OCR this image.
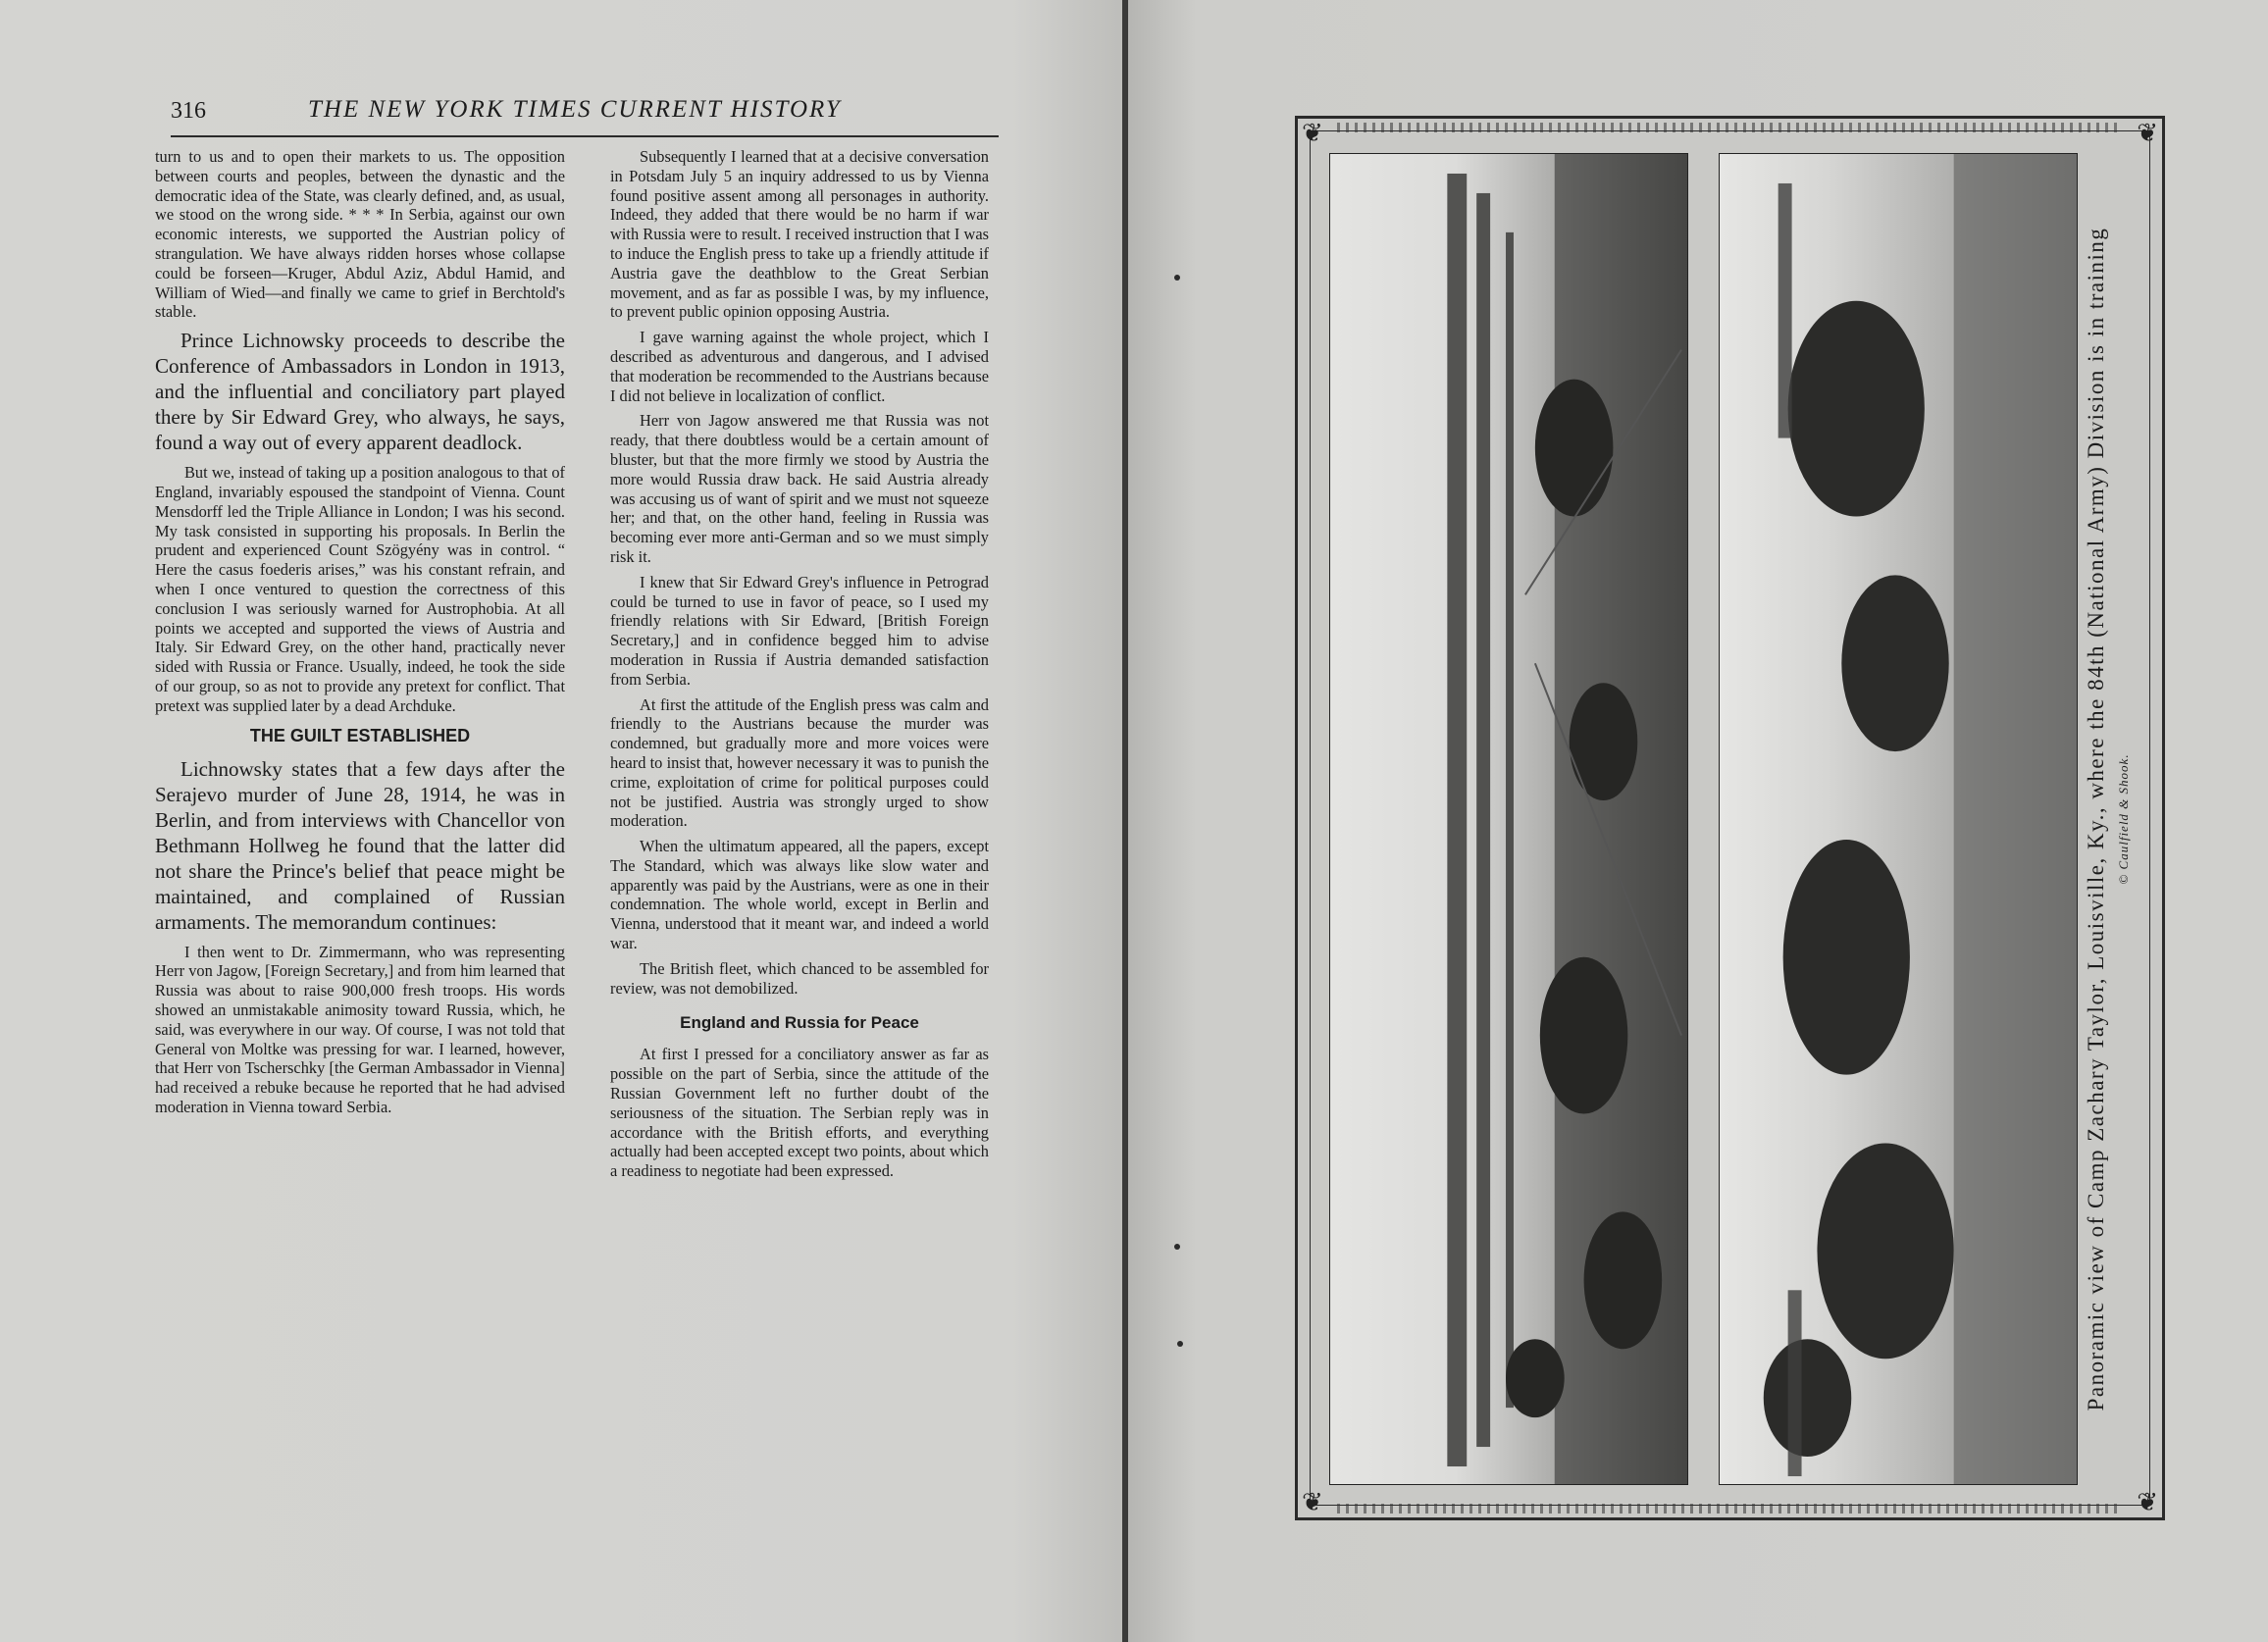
316	THE NEW YORK TIMES CURRENT HISTORY

turn to us and to open their markets to us. The opposition between courts and peoples, between the dynastic and the democratic idea of the State, was clearly defined, and, as usual, we stood on the wrong side. * * * In Serbia, against our own economic interests, we supported the Austrian policy of strangulation. We have always ridden horses whose collapse could be forseen—Kruger, Abdul Aziz, Abdul Hamid, and William of Wied—and finally we came to grief in Berchtold's stable.

Prince Lichnowsky proceeds to describe the Conference of Ambassadors in London in 1913, and the influential and conciliatory part played there by Sir Edward Grey, who always, he says, found a way out of every apparent deadlock.

But we, instead of taking up a position analogous to that of England, invariably espoused the standpoint of Vienna. Count Mensdorff led the Triple Alliance in London; I was his second. My task consisted in supporting his proposals. In Berlin the prudent and experienced Count Szögyény was in control. “ Here the casus foederis arises,” was his constant refrain, and when I once ventured to question the correctness of this conclusion I was seriously warned for Austrophobia. At all points we accepted and supported the views of Austria and Italy. Sir Edward Grey, on the other hand, practically never sided with Russia or France. Usually, indeed, he took the side of our group, so as not to provide any pretext for conflict. That pretext was supplied later by a dead Archduke.

THE GUILT ESTABLISHED

Lichnowsky states that a few days after the Serajevo murder of June 28, 1914, he was in Berlin, and from interviews with Chancellor von Bethmann Hollweg he found that the latter did not share the Prince's belief that peace might be maintained, and complained of Russian armaments. The memorandum continues:

I then went to Dr. Zimmermann, who was representing Herr von Jagow, [Foreign Secretary,] and from him learned that Russia was about to raise 900,000 fresh troops. His words showed an unmistakable animosity toward Russia, which, he said, was everywhere in our way. Of course, I was not told that General von Moltke was pressing for war. I learned, however, that Herr von Tscherschky [the German Ambassador in Vienna] had received a rebuke because he reported that he had advised moderation in Vienna toward Serbia.

Subsequently I learned that at a decisive conversation in Potsdam July 5 an inquiry addressed to us by Vienna found positive assent among all personages in authority. Indeed, they added that there would be no harm if war with Russia were to result. I received instruction that I was to induce the English press to take up a friendly attitude if Austria gave the deathblow to the Great Serbian movement, and as far as possible I was, by my influence, to prevent public opinion opposing Austria.

I gave warning against the whole project, which I described as adventurous and dangerous, and I advised that moderation be recommended to the Austrians because I did not believe in localization of conflict.

Herr von Jagow answered me that Russia was not ready, that there doubtless would be a certain amount of bluster, but that the more firmly we stood by Austria the more would Russia draw back. He said Austria already was accusing us of want of spirit and we must not squeeze her; and that, on the other hand, feeling in Russia was becoming ever more anti-German and so we must simply risk it.

I knew that Sir Edward Grey's influence in Petrograd could be turned to use in favor of peace, so I used my friendly relations with Sir Edward, [British Foreign Secretary,] and in confidence begged him to advise moderation in Russia if Austria demanded satisfaction from Serbia.

At first the attitude of the English press was calm and friendly to the Austrians because the murder was condemned, but gradually more and more voices were heard to insist that, however necessary it was to punish the crime, exploitation of crime for political purposes could not be justified. Austria was strongly urged to show moderation.

When the ultimatum appeared, all the papers, except The Standard, which was always like slow water and apparently was paid by the Austrians, were as one in their condemnation. The whole world, except in Berlin and Vienna, understood that it meant war, and indeed a world war.

The British fleet, which chanced to be assembled for review, was not demobilized.

England and Russia for Peace

At first I pressed for a conciliatory answer as far as possible on the part of Serbia, since the attitude of the Russian Government left no further doubt of the seriousness of the situation. The Serbian reply was in accordance with the British efforts, and everything actually had been accepted except two points, about which a readiness to negotiate had been expressed.

❦	❦
❦	❦
Panoramic view of Camp Zachary Taylor, Louisville, Ky., where the 84th (National Army) Division is in training © Caulfield & Shook.
